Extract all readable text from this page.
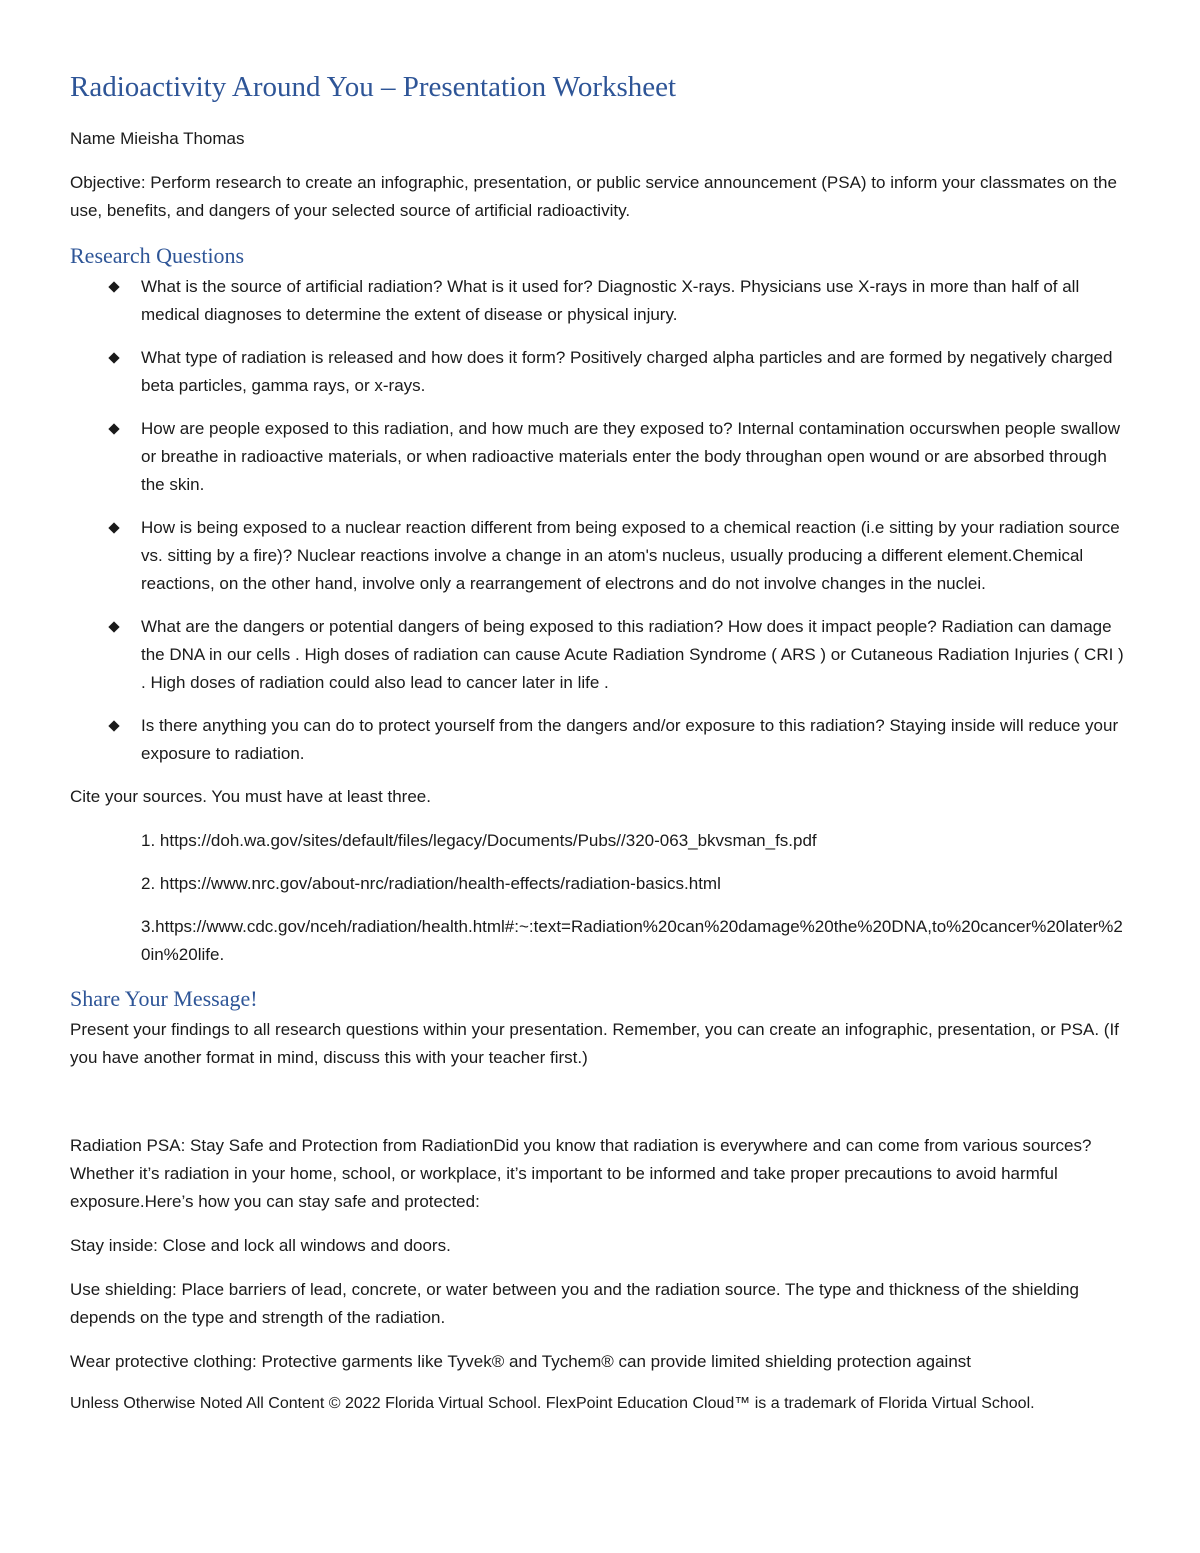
Radioactivity Around You – Presentation Worksheet
Name Mieisha Thomas
Objective: Perform research to create an infographic, presentation, or public service announcement (PSA) to inform your classmates on the use, benefits, and dangers of your selected source of artificial radioactivity.
Research Questions
What is the source of artificial radiation? What is it used for? Diagnostic X-rays. Physicians use X-rays in more than half of all medical diagnoses to determine the extent of disease or physical injury.
What type of radiation is released and how does it form? Positively charged alpha particles and are formed by negatively charged beta particles, gamma rays, or x-rays.
How are people exposed to this radiation, and how much are they exposed to? Internal contamination occurswhen people swallow or breathe in radioactive materials, or when radioactive materials enter the body throughan open wound or are absorbed through the skin.
How is being exposed to a nuclear reaction different from being exposed to a chemical reaction (i.e sitting by your radiation source vs. sitting by a fire)? Nuclear reactions involve a change in an atom's nucleus, usually producing a different element.Chemical reactions, on the other hand, involve only a rearrangement of electrons and do not involve changes in the nuclei.
What are the dangers or potential dangers of being exposed to this radiation? How does it impact people? Radiation can damage the DNA in our cells . High doses of radiation can cause Acute Radiation Syndrome ( ARS ) or Cutaneous Radiation Injuries ( CRI ) . High doses of radiation could also lead to cancer later in life .
Is there anything you can do to protect yourself from the dangers and/or exposure to this radiation? Staying inside will reduce your exposure to radiation.
Cite your sources. You must have at least three.
1. https://doh.wa.gov/sites/default/files/legacy/Documents/Pubs//320-063_bkvsman_fs.pdf
2. https://www.nrc.gov/about-nrc/radiation/health-effects/radiation-basics.html
3.https://www.cdc.gov/nceh/radiation/health.html#:~:text=Radiation%20can%20damage%20the%20DNA,to%20cancer%20later%20in%20life.
Share Your Message!
Present your findings to all research questions within your presentation. Remember, you can create an infographic, presentation, or PSA. (If you have another format in mind, discuss this with your teacher first.)
Radiation PSA: Stay Safe and Protection from RadiationDid you know that radiation is everywhere and can come from various sources? Whether it’s radiation in your home, school, or workplace, it’s important to be informed and take proper precautions to avoid harmful exposure.Here’s how you can stay safe and protected:
Stay inside: Close and lock all windows and doors.
Use shielding: Place barriers of lead, concrete, or water between you and the radiation source. The type and thickness of the shielding depends on the type and strength of the radiation.
Wear protective clothing: Protective garments like Tyvek® and Tychem® can provide limited shielding protection against
Unless Otherwise Noted All Content © 2022 Florida Virtual School. FlexPoint Education Cloud™ is a trademark of Florida Virtual School.
